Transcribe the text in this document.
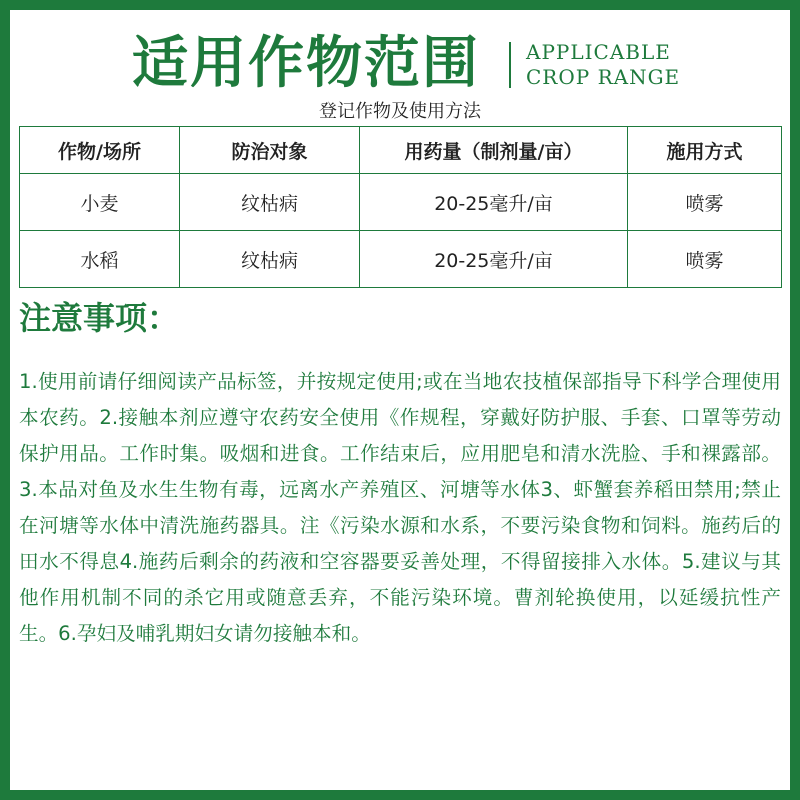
适用作物范围 APPLICABLE
CROP RANGE
登记作物及使用方法
作物/场所	防治对象	用药量（制剂量/亩）	施用方式
小麦	纹枯病	20-25毫升/亩	喷雾
水稻	纹枯病	20-25毫升/亩	喷雾
注意事项：
1.使用前请仔细阅读产品标签，并按规定使用;或在当地农技植保部指导下科学合理使用本农药。2.接触本剂应遵守农药安全使用《作规程，穿戴好防护服、手套、口罩等劳动保护用品。工作时集。吸烟和进食。工作结束后，应用肥皂和清水洗脸、手和裸露部。3.本品对鱼及水生生物有毒，远离水产养殖区、河塘等水体3、虾蟹套养稻田禁用;禁止在河塘等水体中清洗施药器具。注《污染水源和水系，不要污染食物和饲料。施药后的田水不得息4.施药后剩余的药液和空容器要妥善处理，不得留接排入水体。5.建议与其他作用机制不同的杀它用或随意丢弃，不能污染环境。曹剂轮换使用，以延缓抗性产生。6.孕妇及哺乳期妇女请勿接触本和。
